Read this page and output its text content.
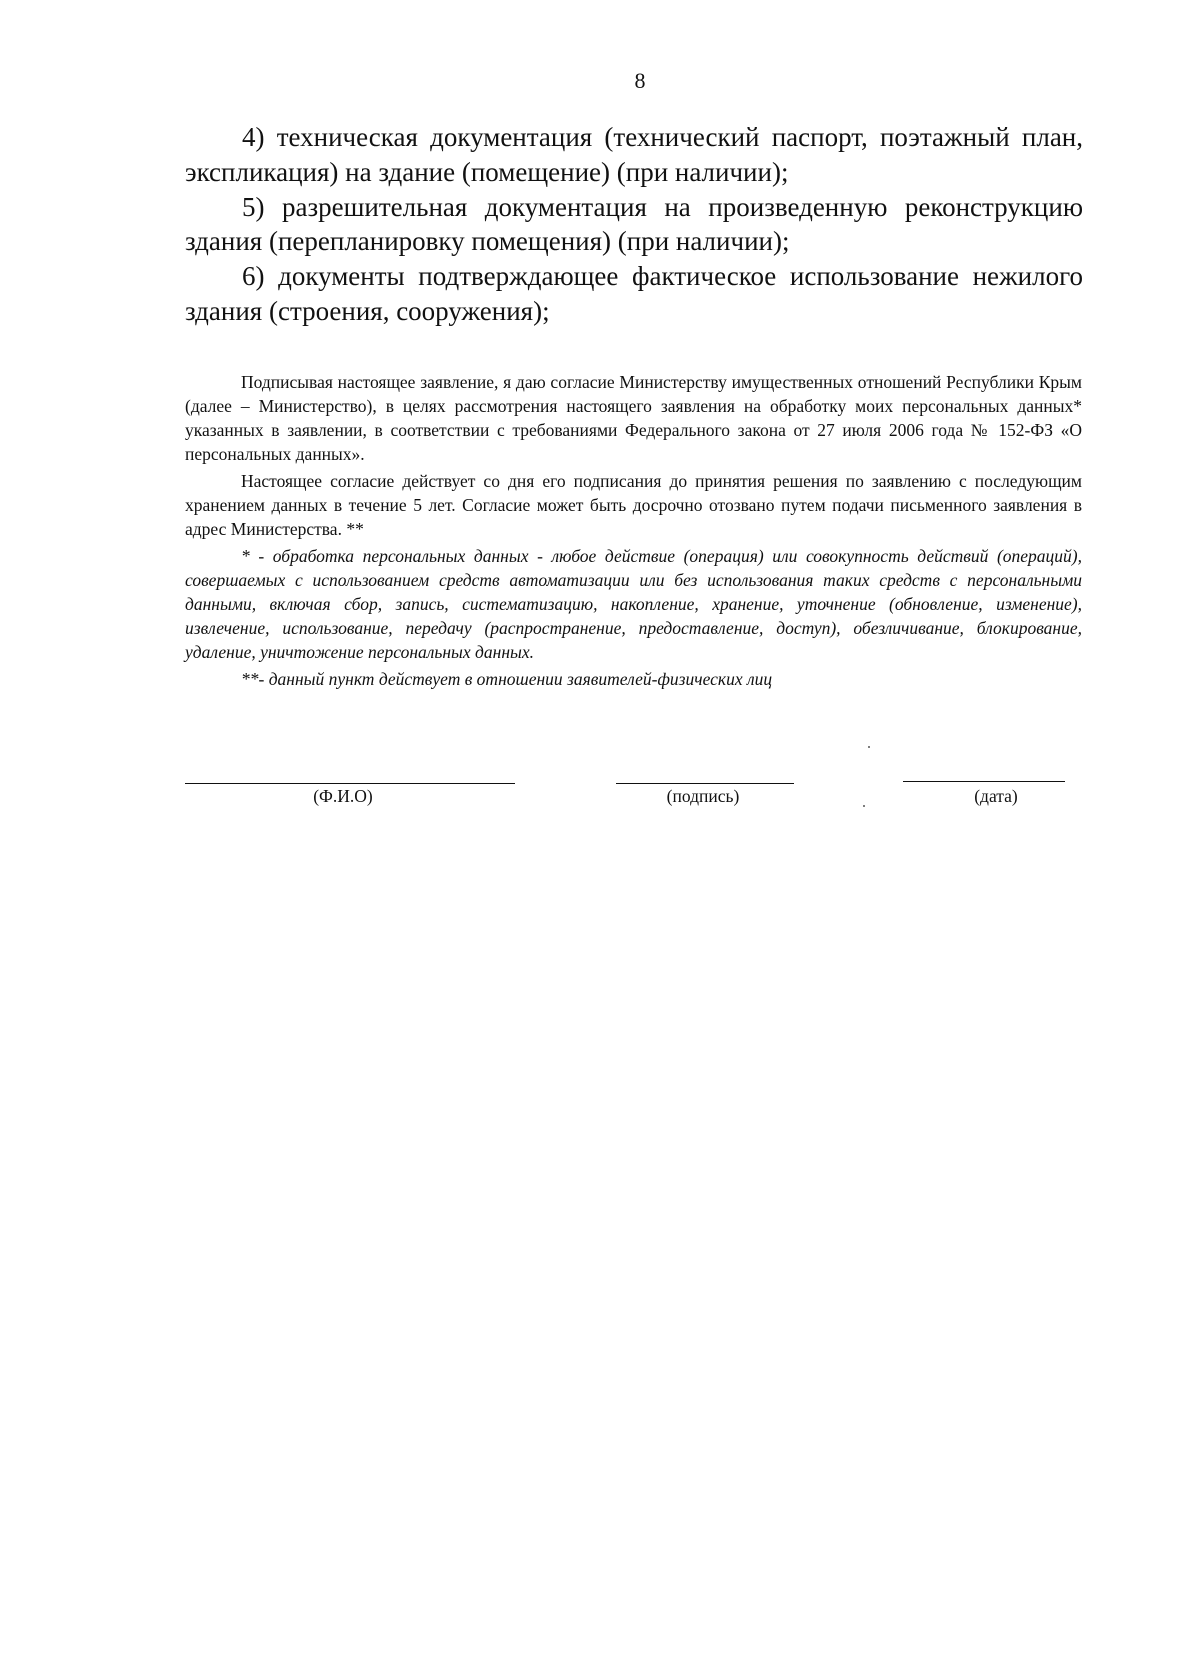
8

4) техническая документация (технический паспорт, поэтажный план, экспликация) на здание (помещение) (при наличии);

5) разрешительная документация на произведенную реконструкцию здания (перепланировку помещения) (при наличии);

6) документы подтверждающее фактическое использование нежилого здания (строения, сооружения);

Подписывая настоящее заявление, я даю согласие Министерству имущественных отношений Республики Крым (далее – Министерство), в целях рассмотрения настоящего заявления на обработку моих персональных данных* указанных в заявлении, в соответствии с требованиями Федерального закона от 27 июля 2006 года № 152-ФЗ «О персональных данных».

Настоящее согласие действует со дня его подписания до принятия решения по заявлению с последующим хранением данных в течение 5 лет. Согласие может быть досрочно отозвано путем подачи письменного заявления в адрес Министерства. **

* - обработка персональных данных - любое действие (операция) или совокупность действий (операций), совершаемых с использованием средств автоматизации или без использования таких средств с персональными данными, включая сбор, запись, систематизацию, накопление, хранение, уточнение (обновление, изменение), извлечение, использование, передачу (распространение, предоставление, доступ), обезличивание, блокирование, удаление, уничтожение персональных данных.

**- данный пункт действует в отношении заявителей-физических лиц

(Ф.И.О)	(подпись)	(дата)
